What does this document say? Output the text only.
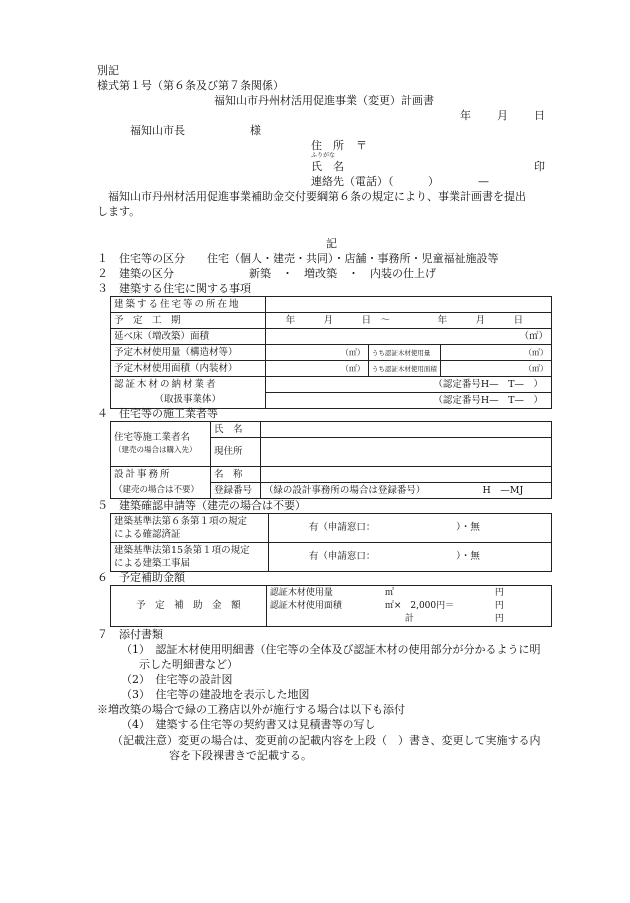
別記
様式第１号（第６条及び第７条関係）
福知山市丹州材活用促進事業（変更）計画書
年 月 日
福知山市長	様
住　所 〒
ふりがな
氏　名	印
連絡先（電話）（	）	—
福知山市丹州材活用促進事業補助金交付要綱第６条の規定により、事業計画書を提出
します。
記
１　住宅等の区分　　住宅（個人・建売・共同）・店舗・事務所・児童福祉施設等
２　建築の区分	新築　・　増改築　・　内装の仕上げ
３　建築する住宅に関する事項
建築する住宅等の所在地			
予　定　工　期	年　　　月　　　日　〜　　　　　年　　　月　　　日		
延べ床（増改築）面積	（㎡）		
予定木材使用量（構造材等）	（㎥）	うち認証木材使用量	（㎥）
予定木材使用面積（内装材）	（㎡）	うち認証木材使用面積	（㎡）
認証木材の納材業者	（認定番号H—　T—　）		
（取扱事業体）	（認定番号H—　T—　）		
４　住宅等の施工業者等
住宅等施工業者名
（建売の場合は購入先）	氏　名	
	現住所	
設計事務所	名　称	
（建売の場合は不要）	登録番号	（緑の設計事務所の場合は登録番号） H　—MJ
５　建築確認申請等（建売の場合は不要）
建築基準法第６条第１項の規定
による確認済証	有（申請窓口：　　　　　　　　　）・無
建築基準法第15条第１項の規定
による建築工事届	有（申請窓口：　　　　　　　　　）・無
６　予定補助金額
予　定　補　助　金　額	
認証木材使用量	㎥	円
認証木材使用面積	㎡×　2,000円＝	円
計	円

７　添付書類
（1）　認証木材使用明細書（住宅等の全体及び認証木材の使用部分が分かるように明
示した明細書など）
（2）　住宅等の設計図
（3）　住宅等の建設地を表示した地図
※増改築の場合で緑の工務店以外が施行する場合は以下も添付
（4）　建築する住宅等の契約書又は見積書等の写し
（記載注意）変更の場合は、変更前の記載内容を上段（　）書き、変更して実施する内
容を下段裸書きで記載する。
